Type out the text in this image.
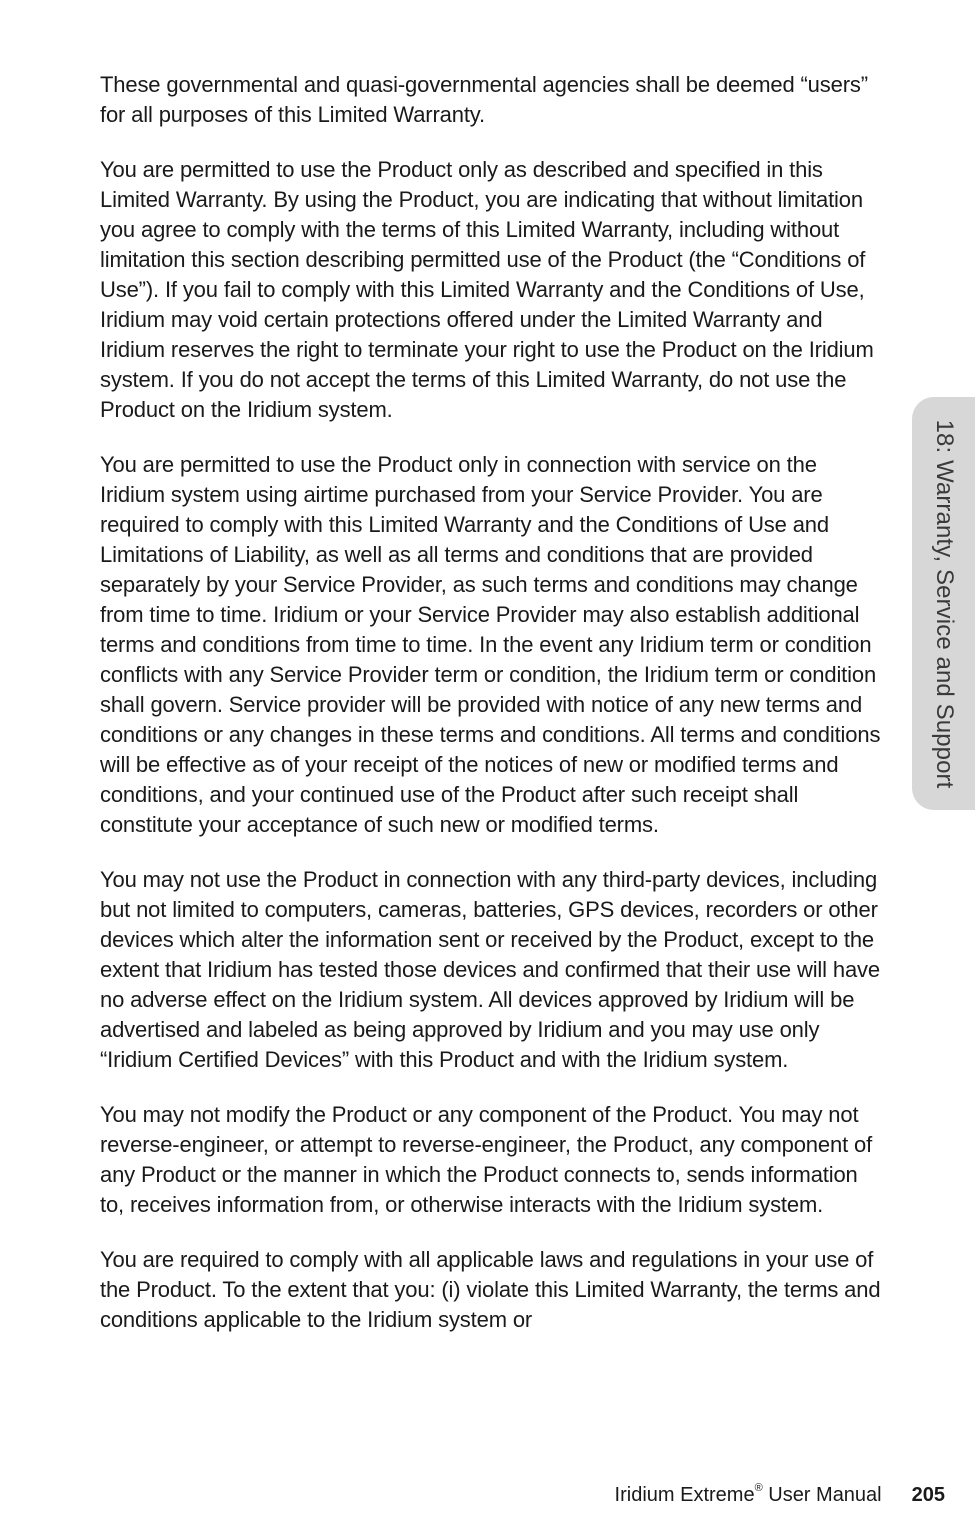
These governmental and quasi-governmental agencies shall be deemed “users” for all purposes of this Limited Warranty.

You are permitted to use the Product only as described and specified in this Limited Warranty. By using the Product, you are indicating that without limitation you agree to comply with the terms of this Limited Warranty, including without limitation this section describing permitted use of the Product (the “Conditions of Use”). If you fail to comply with this Limited Warranty and the Conditions of Use, Iridium may void certain protections offered under the Limited Warranty and Iridium reserves the right to terminate your right to use the Product on the Iridium system. If you do not accept the terms of this Limited Warranty, do not use the Product on the Iridium system.

You are permitted to use the Product only in connection with service on the Iridium system using airtime purchased from your Service Provider. You are required to comply with this Limited Warranty and the Conditions of Use and Limitations of Liability, as well as all terms and conditions that are provided separately by your Service Provider, as such terms and conditions may change from time to time. Iridium or your Service Provider may also establish additional terms and conditions from time to time. In the event any Iridium term or condition conflicts with any Service Provider term or condition, the Iridium term or condition shall govern. Service provider will be provided with notice of any new terms and conditions or any changes in these terms and conditions. All terms and conditions will be effective as of your receipt of the notices of new or modified terms and conditions, and your continued use of the Product after such receipt shall constitute your acceptance of such new or modified terms.

You may not use the Product in connection with any third-party devices, including but not limited to computers, cameras, batteries, GPS devices, recorders or other devices which alter the information sent or received by the Product, except to the extent that Iridium has tested those devices and confirmed that their use will have no adverse effect on the Iridium system. All devices approved by Iridium will be advertised and labeled as being approved by Iridium and you may use only “Iridium Certified Devices” with this Product and with the Iridium system.

You may not modify the Product or any component of the Product. You may not reverse-engineer, or attempt to reverse-engineer, the Product, any component of any Product or the manner in which the Product connects to, sends information to, receives information from, or otherwise interacts with the Iridium system.

You are required to comply with all applicable laws and regulations in your use of the Product. To the extent that you: (i) violate this Limited Warranty, the terms and conditions applicable to the Iridium system or

18: Warranty, Service and Support
Iridium Extreme® User Manual 205
